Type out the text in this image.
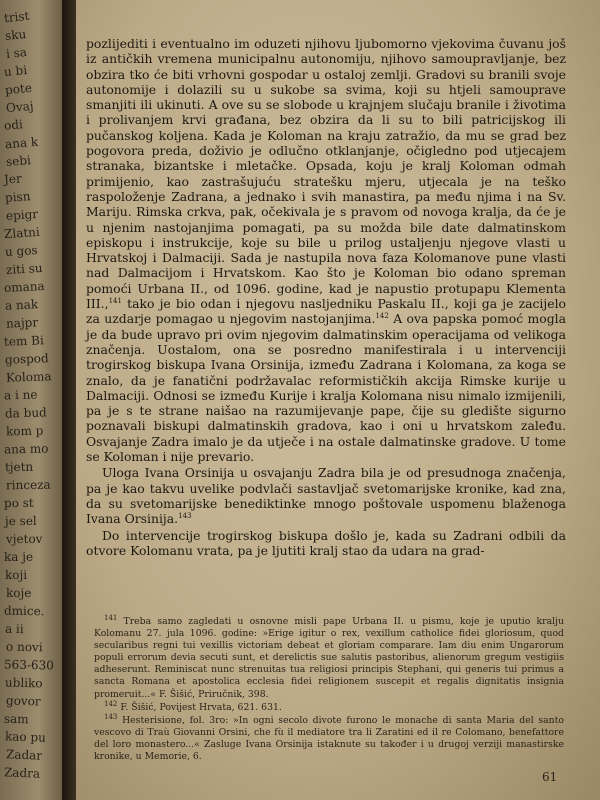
trist
sku
i sa
u bi
pote
Ovaj
odi
ana k
sebi
Jer
pisn
epigr
Zlatni
u gos
ziti su
omana
a nak
najpr
tem Bi
gospod
Koloma
a i ne
da bud
kom p
ana mo
tjetn
rinceza
po st
je sel
vjetov
ka je
koji
koje
dmice.
a ii
o novi
563-630
ubliko
govor
sam
kao pu
Zadar
Zadra

pozlijediti i eventualno im oduzeti njihovu ljubomorno vjekovima čuvanu još iz antičkih vremena municipalnu autonomiju, njihovo samoupravljanje, bez obzira tko će biti vrhovni gospodar u ostaloj zemlji. Gradovi su branili svoje autonomije i dolazili su u sukobe sa svima, koji su htjeli samouprave smanjiti ili ukinuti. A ove su se slobode u krajnjem slučaju branile i životima i prolivanjem krvi građana, bez obzira da li su to bili patricijskog ili pučanskog koljena. Kada je Koloman na kraju zatražio, da mu se grad bez pogovora preda, doživio je odlučno otklanjanje, očigledno pod utjecajem stranaka, bizantske i mletačke. Opsada, koju je kralj Koloman odmah primijenio, kao zastrašujuću stratešku mjeru, utjecala je na teško raspoloženje Zadrana, a jednako i svih manastira, pa među njima i na Sv. Mariju. Rimska crkva, pak, očekivala je s pravom od novoga kralja, da će je u njenim nastojanjima pomagati, pa su možda bile date dalmatinskom episkopu i instrukcije, koje su bile u prilog ustaljenju njegove vlasti u Hrvatskoj i Dalmaciji. Sada je nastupila nova faza Kolomanove pune vlasti nad Dalmacijom i Hrvatskom. Kao što je Koloman bio odano spreman pomoći Urbana II., od 1096. godine, kad je napustio protupapu Klementa III.,$^{141}$ tako je bio odan i njegovu nasljedniku Paskalu II., koji ga je zacijelo za uzdarje pomagao u njegovim nastojanjima.$^{142}$ A ova papska pomoć mogla je da bude upravo pri ovim njegovim dalmatinskim operacijama od velikoga značenja. Uostalom, ona se posredno manifestirala i u intervenciji trogirskog biskupa Ivana Orsinija, između Zadrana i Kolomana, za koga se znalo, da je fanatični podržavalac reformističkih akcija Rimske kurije u Dalmaciji. Odnosi se između Kurije i kralja Kolomana nisu nimalo izmijenili, pa je s te strane naišao na razumijevanje pape, čije su gledište sigurno poznavali biskupi dalmatinskih gradova, kao i oni u hrvatskom zaleđu. Osvajanje Zadra imalo je da utječe i na ostale dalmatinske gradove. U tome se Koloman i nije prevario.

Uloga Ivana Orsinija u osvajanju Zadra bila je od presudnoga značenja, pa je kao takvu uvelike podvlači sastavljač svetomarijske kronike, kad zna, da su svetomarijske benediktinke mnogo poštovale uspomenu blaženoga Ivana Orsinija.$^{143}$

Do intervencije trogirskog biskupa došlo je, kada su Zadrani odbili da otvore Kolomanu vrata, pa je ljutiti kralj stao da udara na grad-

$^{141}$ Treba samo zagledati u osnovne misli pape Urbana II. u pismu, koje je uputio kralju Kolomanu 27. jula 1096. godine: »Erige igitur o rex, vexillum catholice fidei gloriosum, quod secularibus regni tui vexillis victoriam debeat et gloriam comparare. Iam diu enim Ungarorum populi errorum devia secuti sunt, et derelictis sue salutis pastoribus, alienorum gregum vestigiis adheserunt. Reminiscat nunc strenuitas tua religiosi principis Stephani, qui generis tui primus a sancta Romana et apostolica ecclesia fidei religionem suscepit et regalis dignitatis insignia promeruit...« F. Šišić, Priručnik, 398.

$^{142}$ F. Šišić, Povijest Hrvata, 621. 631.

$^{143}$ Hesterisione, fol. 3ro: »In ogni secolo divote furono le monache di santa Maria del santo vescovo di Traù Giovanni Orsini, che fù il mediatore tra li Zaratini ed il re Colomano, benefattore del loro monastero...« Zasluge Ivana Orsinija istaknute su također i u drugoj verziji manastirske kronike, u Memorie, 6.

61
